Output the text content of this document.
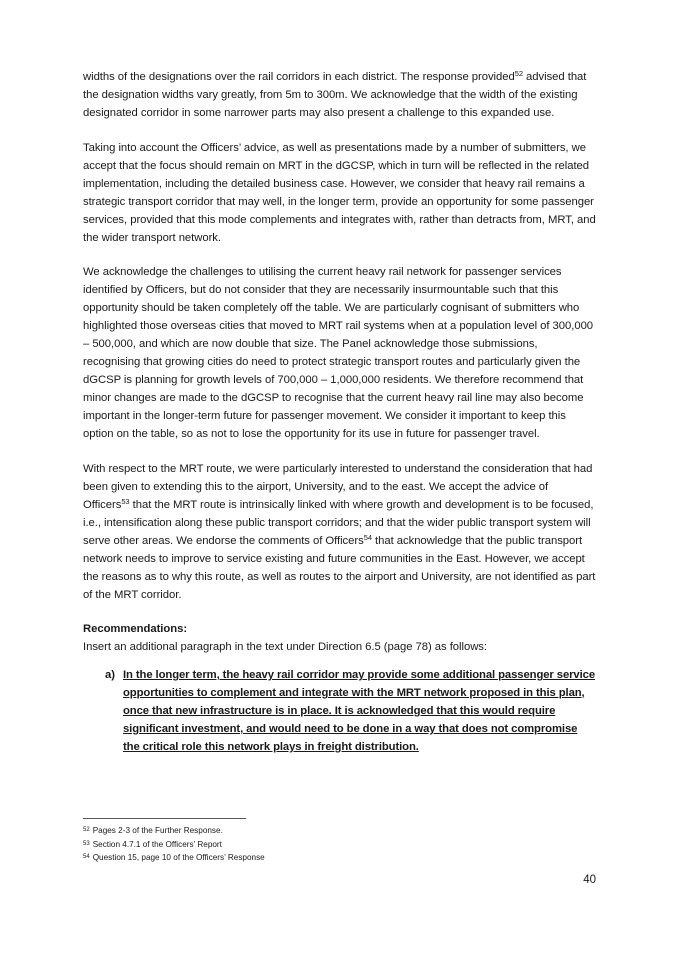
widths of the designations over the rail corridors in each district. The response provided$^{52}$ advised that the designation widths vary greatly, from 5m to 300m. We acknowledge that the width of the existing designated corridor in some narrower parts may also present a challenge to this expanded use.

Taking into account the Officers’ advice, as well as presentations made by a number of submitters, we accept that the focus should remain on MRT in the dGCSP, which in turn will be reflected in the related implementation, including the detailed business case. However, we consider that heavy rail remains a strategic transport corridor that may well, in the longer term, provide an opportunity for some passenger services, provided that this mode complements and integrates with, rather than detracts from, MRT, and the wider transport network.

We acknowledge the challenges to utilising the current heavy rail network for passenger services identified by Officers, but do not consider that they are necessarily insurmountable such that this opportunity should be taken completely off the table. We are particularly cognisant of submitters who highlighted those overseas cities that moved to MRT rail systems when at a population level of 300,000 – 500,000, and which are now double that size. The Panel acknowledge those submissions, recognising that growing cities do need to protect strategic transport routes and particularly given the dGCSP is planning for growth levels of 700,000 – 1,000,000 residents. We therefore recommend that minor changes are made to the dGCSP to recognise that the current heavy rail line may also become important in the longer-term future for passenger movement. We consider it important to keep this option on the table, so as not to lose the opportunity for its use in future for passenger travel.

With respect to the MRT route, we were particularly interested to understand the consideration that had been given to extending this to the airport, University, and to the east. We accept the advice of Officers$^{53}$ that the MRT route is intrinsically linked with where growth and development is to be focused, i.e., intensification along these public transport corridors; and that the wider public transport system will serve other areas. We endorse the comments of Officers$^{54}$ that acknowledge that the public transport network needs to improve to service existing and future communities in the East. However, we accept the reasons as to why this route, as well as routes to the airport and University, are not identified as part of the MRT corridor.

Recommendations:

Insert an additional paragraph in the text under Direction 6.5 (page 78) as follows:

a) In the longer term, the heavy rail corridor may provide some additional passenger service opportunities to complement and integrate with the MRT network proposed in this plan, once that new infrastructure is in place. It is acknowledged that this would require significant investment, and would need to be done in a way that does not compromise the critical role this network plays in freight distribution.
$^{52}$ Pages 2-3 of the Further Response.
$^{53}$ Section 4.7.1 of the Officers’ Report
$^{54}$ Question 15, page 10 of the Officers’ Response
40
